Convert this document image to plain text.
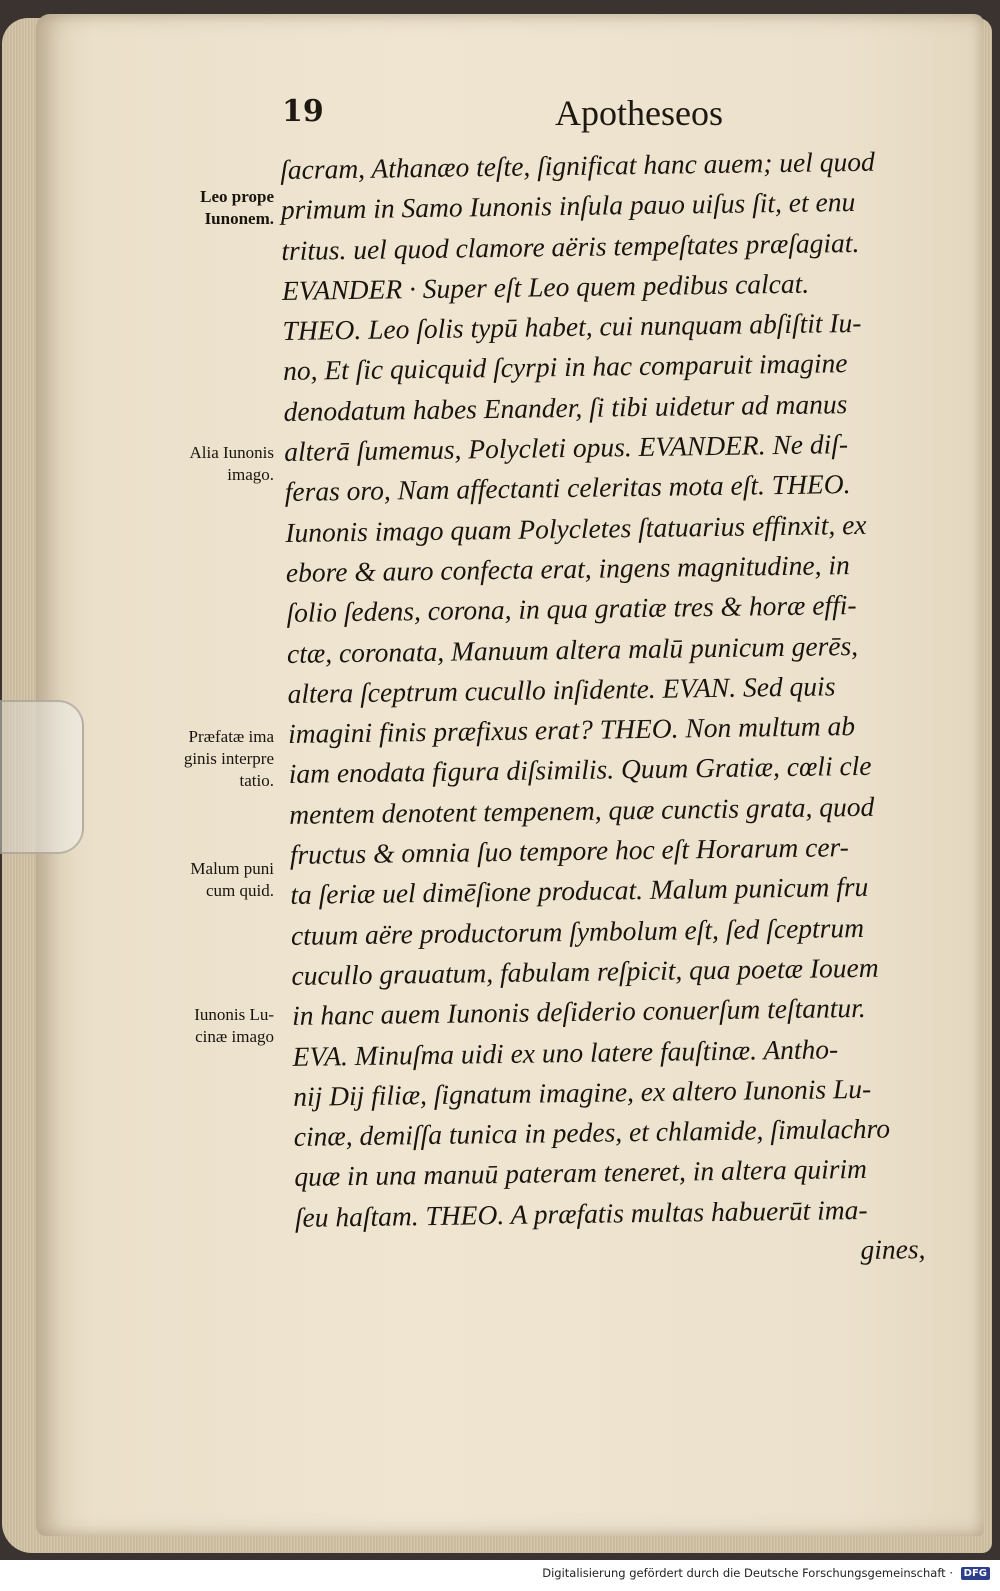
19	Apotheseos

ſacram, Athanæo teſte, ſignificat hanc auem; uel quod
primum in Samo Iunonis inſula pauo uiſus ſit, et enu
tritus. uel quod clamore aëris tempeſtates præſagiat.
EVANDER · Super eſt Leo quem pedibus calcat.
THEO. Leo ſolis typū habet, cui nunquam abſiſtit Iu-
no, Et ſic quicquid ſcyrpi in hac comparuit imagine
denodatum habes Enander, ſi tibi uidetur ad manus
alterā ſumemus, Polycleti opus. EVANDER. Ne diſ-
feras oro, Nam affectanti celeritas mota eſt. THEO.
Iunonis imago quam Polycletes ſtatuarius effinxit, ex
ebore & auro confecta erat, ingens magnitudine, in
ſolio ſedens, corona, in qua gratiæ tres & horæ effi-
ctæ, coronata, Manuum altera malū punicum gerēs,
altera ſceptrum cucullo inſidente. EVAN. Sed quis
imagini finis præfixus erat? THEO. Non multum ab
iam enodata figura diſsimilis. Quum Gratiæ, cœli cle
mentem denotent tempenem, quæ cunctis grata, quod
fructus & omnia ſuo tempore hoc eſt Horarum cer-
ta ſeriæ uel dimēſione producat. Malum punicum fru
ctuum aëre productorum ſymbolum eſt, ſed ſceptrum
cucullo grauatum, fabulam reſpicit, qua poetæ Iouem
in hanc auem Iunonis deſiderio conuerſum teſtantur.
EVA. Minuſma uidi ex uno latere fauſtinæ. Antho-
nij Dij filiæ, ſignatum imagine, ex altero Iunonis Lu-
cinæ, demiſſa tunica in pedes, et chlamide, ſimulachro
quæ in una manuū pateram teneret, in altera quirim
ſeu haſtam. THEO. A præfatis multas habuerūt ima-
gines,
Leo prope
Iunonem.
Alia Iunonis
imago.
Præfatæ ima
ginis interpre
tatio.
Malum puni
cum quid.
Iunonis Lu-
cinæ imago
Digitalisierung gefördert durch die Deutsche Forschungsgemeinschaft · DFG
